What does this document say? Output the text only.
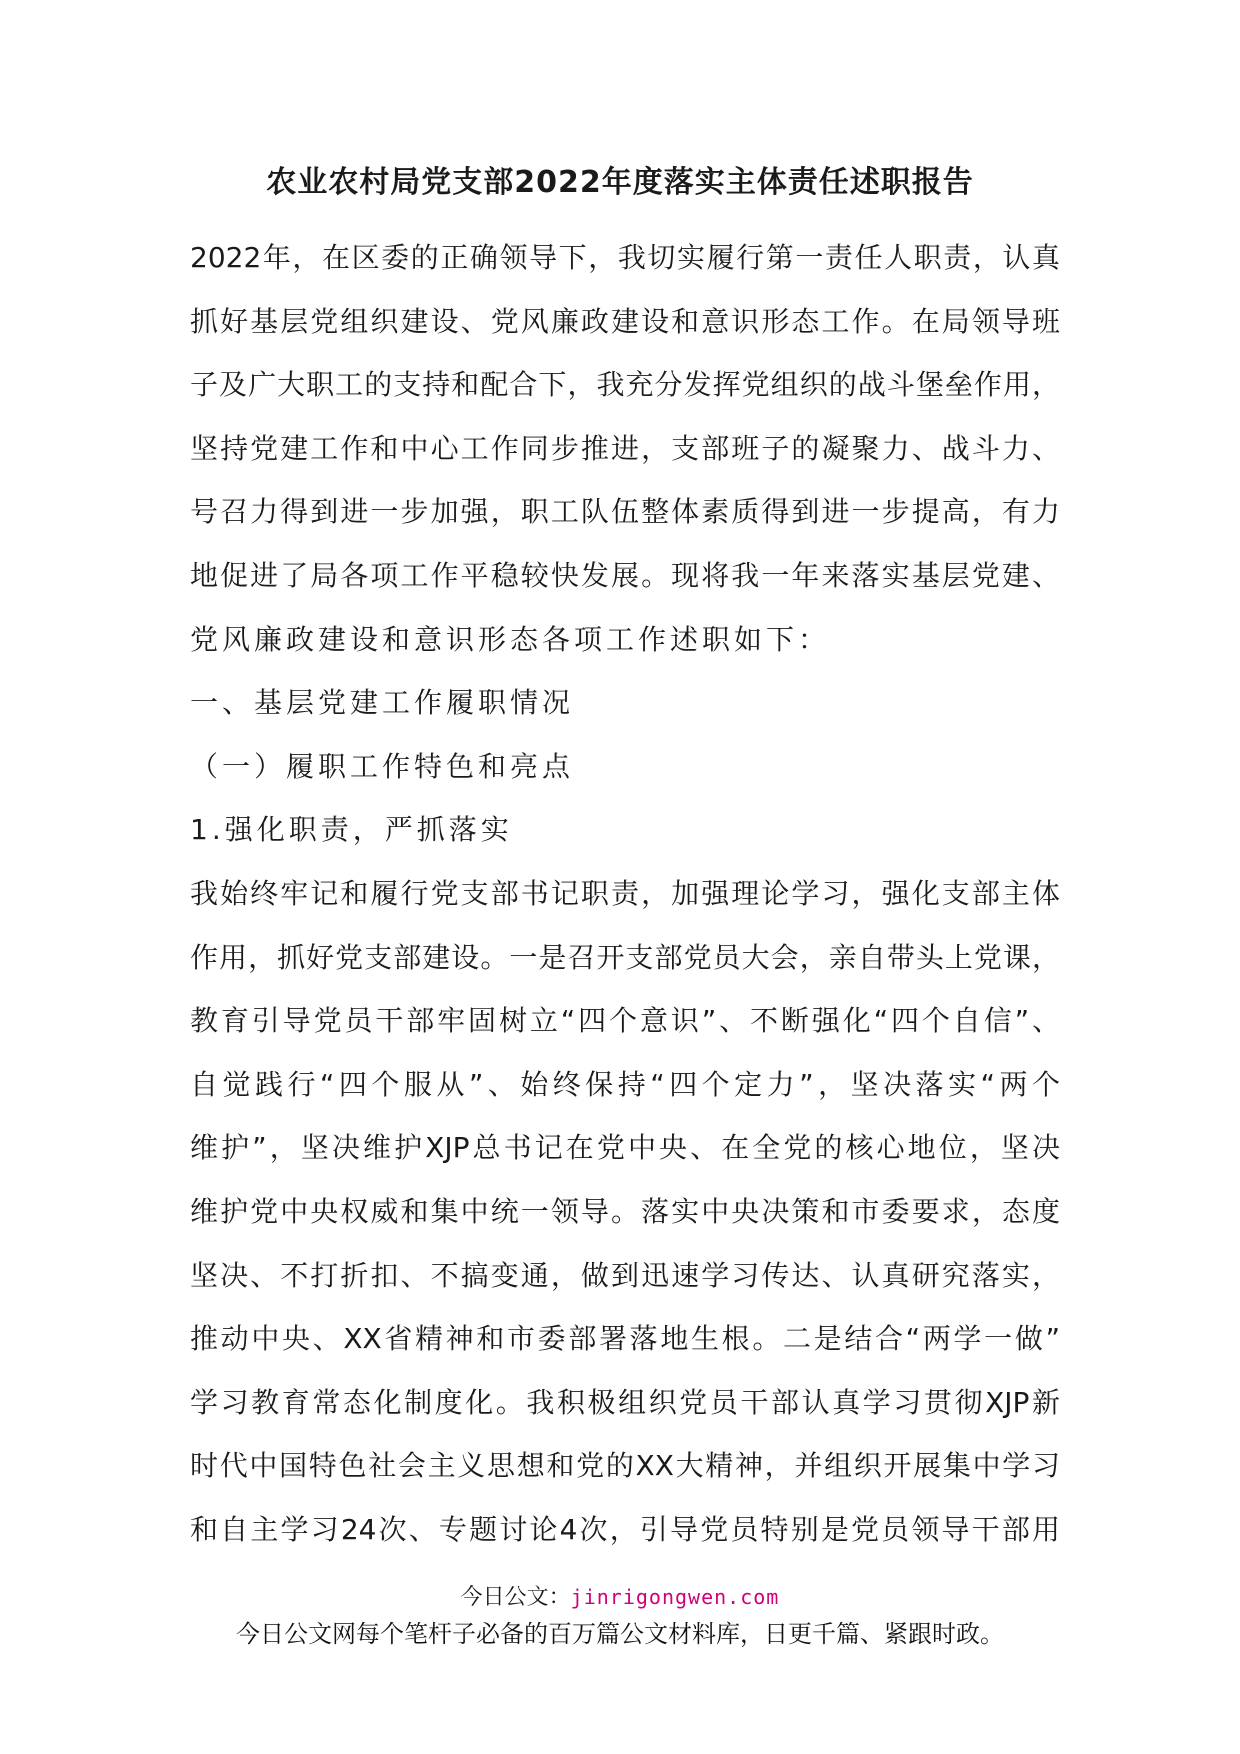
农业农村局党支部2022年度落实主体责任述职报告
2022年，在区委的正确领导下，我切实履行第一责任人职责，认真
抓好基层党组织建设、党风廉政建设和意识形态工作。在局领导班
子及广大职工的支持和配合下，我充分发挥党组织的战斗堡垒作用，
坚持党建工作和中心工作同步推进，支部班子的凝聚力、战斗力、
号召力得到进一步加强，职工队伍整体素质得到进一步提高，有力
地促进了局各项工作平稳较快发展。现将我一年来落实基层党建、
党风廉政建设和意识形态各项工作述职如下：
一、基层党建工作履职情况
（一）履职工作特色和亮点
1.强化职责，严抓落实
我始终牢记和履行党支部书记职责，加强理论学习，强化支部主体
作用，抓好党支部建设。一是召开支部党员大会，亲自带头上党课，
教育引导党员干部牢固树立“四个意识”、不断强化“四个自信”、
自觉践行“四个服从”、始终保持“四个定力”，坚决落实“两个
维护”，坚决维护XJP总书记在党中央、在全党的核心地位，坚决
维护党中央权威和集中统一领导。落实中央决策和市委要求，态度
坚决、不打折扣、不搞变通，做到迅速学习传达、认真研究落实，
推动中央、XX省精神和市委部署落地生根。二是结合“两学一做”
学习教育常态化制度化。我积极组织党员干部认真学习贯彻XJP新
时代中国特色社会主义思想和党的XX大精神，并组织开展集中学习
和自主学习24次、专题讨论4次，引导党员特别是党员领导干部用
今日公文：jinrigongwen.com
今日公文网每个笔杆子必备的百万篇公文材料库，日更千篇、紧跟时政。
